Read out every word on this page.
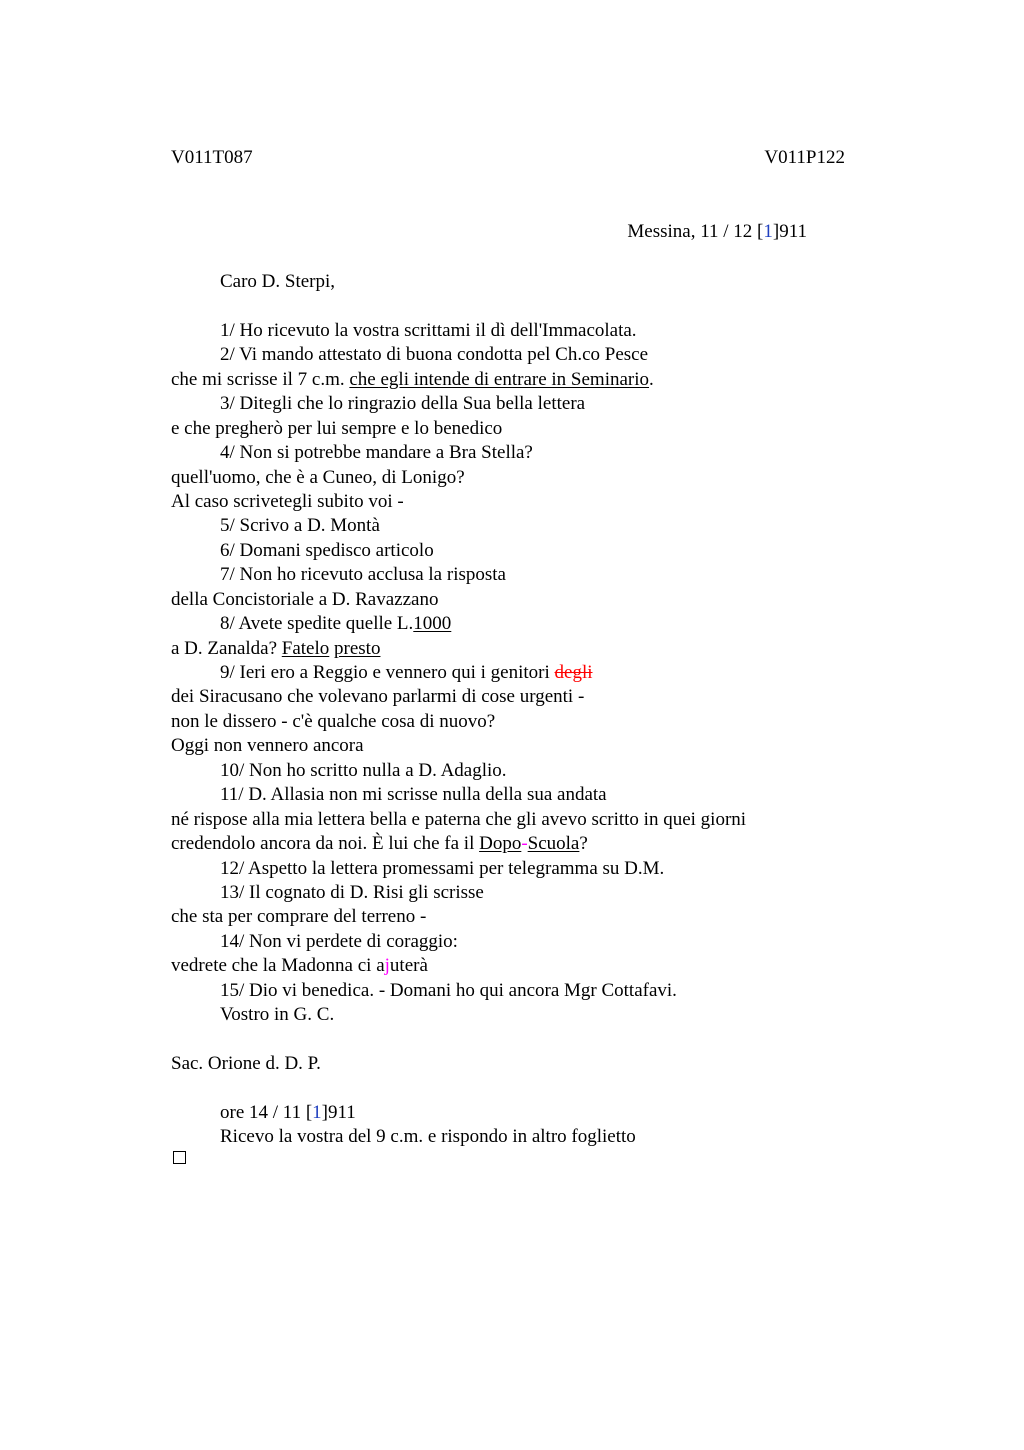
V011T087	V011P122
Messina, 11 / 12 [1]911
Caro D. Sterpi,
1/ Ho ricevuto la vostra scrittami il dì dell'Immacolata.
2/ Vi mando attestato di buona condotta pel Ch.co Pesce
che mi scrisse il 7 c.m. che egli intende di entrare in Seminario.
3/ Ditegli che lo ringrazio della Sua bella lettera
e che pregherò per lui sempre e lo benedico
4/ Non si potrebbe mandare a Bra Stella?
quell'uomo, che è a Cuneo, di Lonigo?
Al caso scrivetegli subito voi -
5/ Scrivo a D. Montà
6/ Domani spedisco articolo
7/ Non ho ricevuto acclusa la risposta
della Concistoriale a D. Ravazzano
8/ Avete spedite quelle L.1000
a D. Zanalda? Fatelo presto
9/ Ieri ero a Reggio e vennero qui i genitori degli
dei Siracusano che volevano parlarmi di cose urgenti -
non le dissero - c'è qualche cosa di nuovo?
Oggi non vennero ancora
10/ Non ho scritto nulla a D. Adaglio.
11/ D. Allasia non mi scrisse nulla della sua andata
né rispose alla mia lettera bella e paterna che gli avevo scritto in quei giorni
credendolo ancora da noi. È lui che fa il Dopo-Scuola?
12/ Aspetto la lettera promessami per telegramma su D.M.
13/ Il cognato di D. Risi gli scrisse
che sta per comprare del terreno -
14/ Non vi perdete di coraggio:
vedrete che la Madonna ci ajuterà
15/ Dio vi benedica. - Domani ho qui ancora Mgr Cottafavi.
Vostro in G. C.
Sac. Orione d. D. P.
ore 14 / 11 [1]911
Ricevo la vostra del 9 c.m. e rispondo in altro foglietto
